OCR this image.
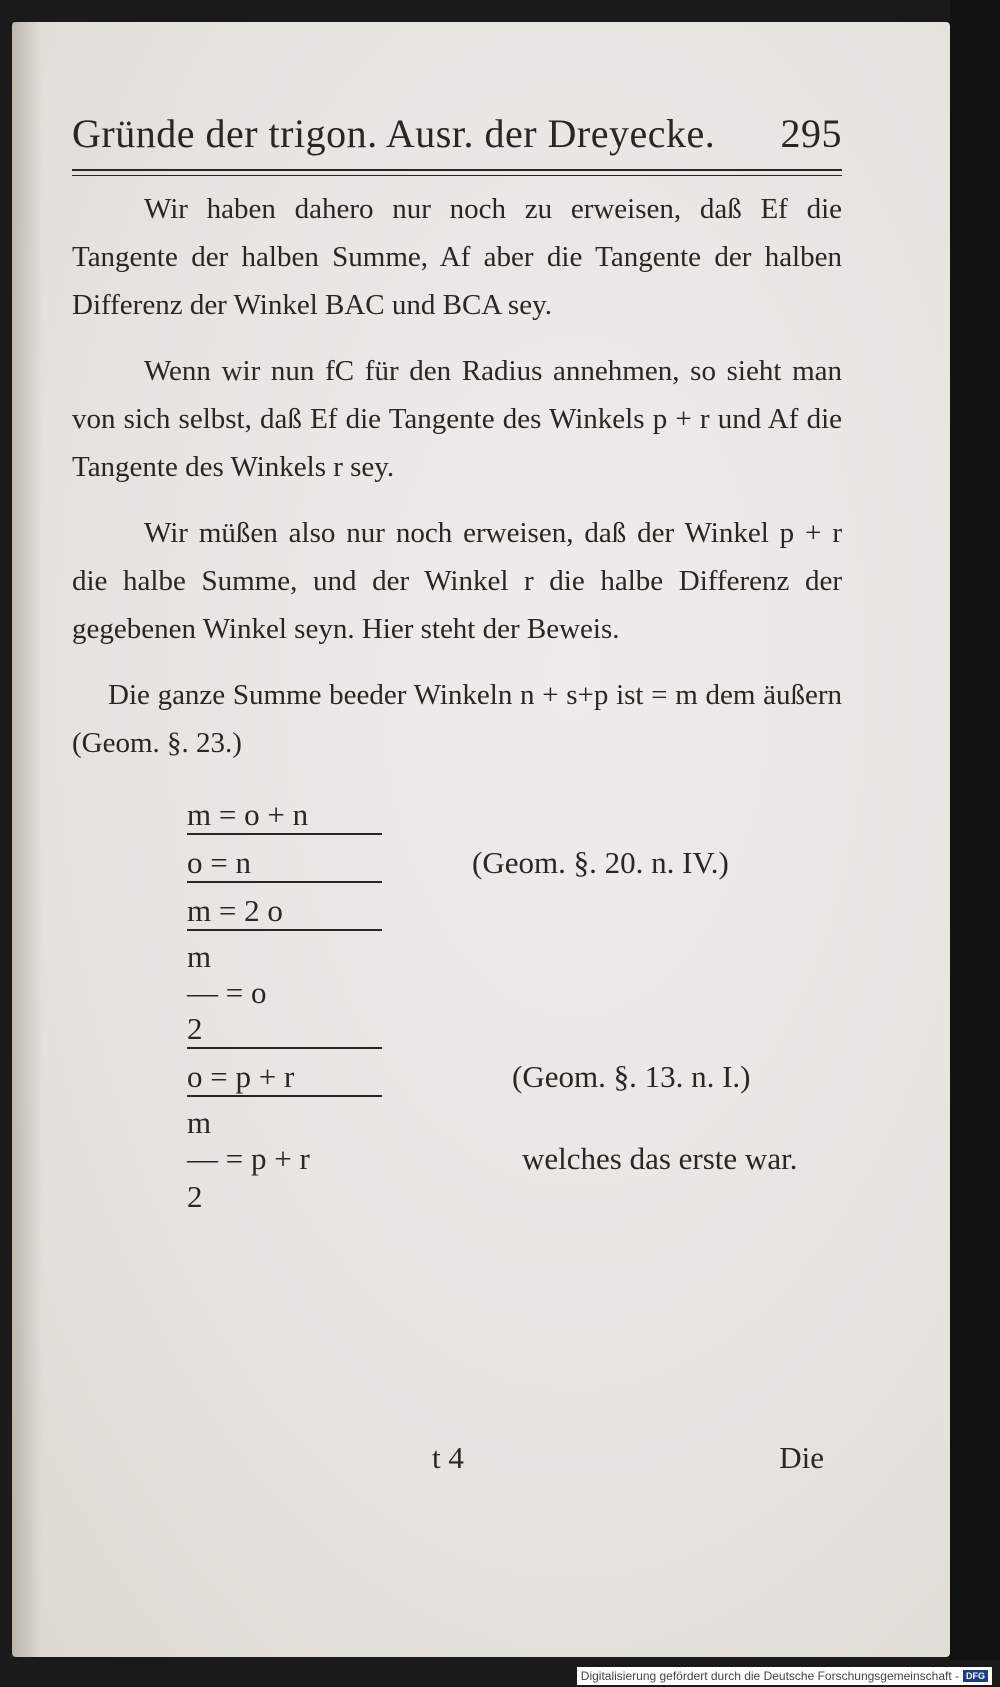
Gründe der trigon. Ausr. der Dreyecke. 295

Wir haben dahero nur noch zu erweisen, daß Ef die Tangente der halben Summe, Af aber die Tangente der halben Differenz der Winkel BAC und BCA sey.

Wenn wir nun fC für den Radius annehmen, so sieht man von sich selbst, daß Ef die Tangente des Winkels p + r und Af die Tangente des Winkels r sey.

Wir müßen also nur noch erweisen, daß der Winkel p + r die halbe Summe, und der Winkel r die halbe Differenz der gegebenen Winkel seyn. Hier steht der Beweis.

Die ganze Summe beeder Winkeln n + s+p ist = m dem äußern (Geom. §. 23.)

m = o + n
o = n	(Geom. §. 20. n. IV.)
m = 2 o
m
— = o
2
o = p + r	(Geom. §. 13. n. I.)
m
— = p + r	welches das erste war.
2
t 4	Die
Digitalisierung gefördert durch die Deutsche Forschungsgemeinschaft - DFG
